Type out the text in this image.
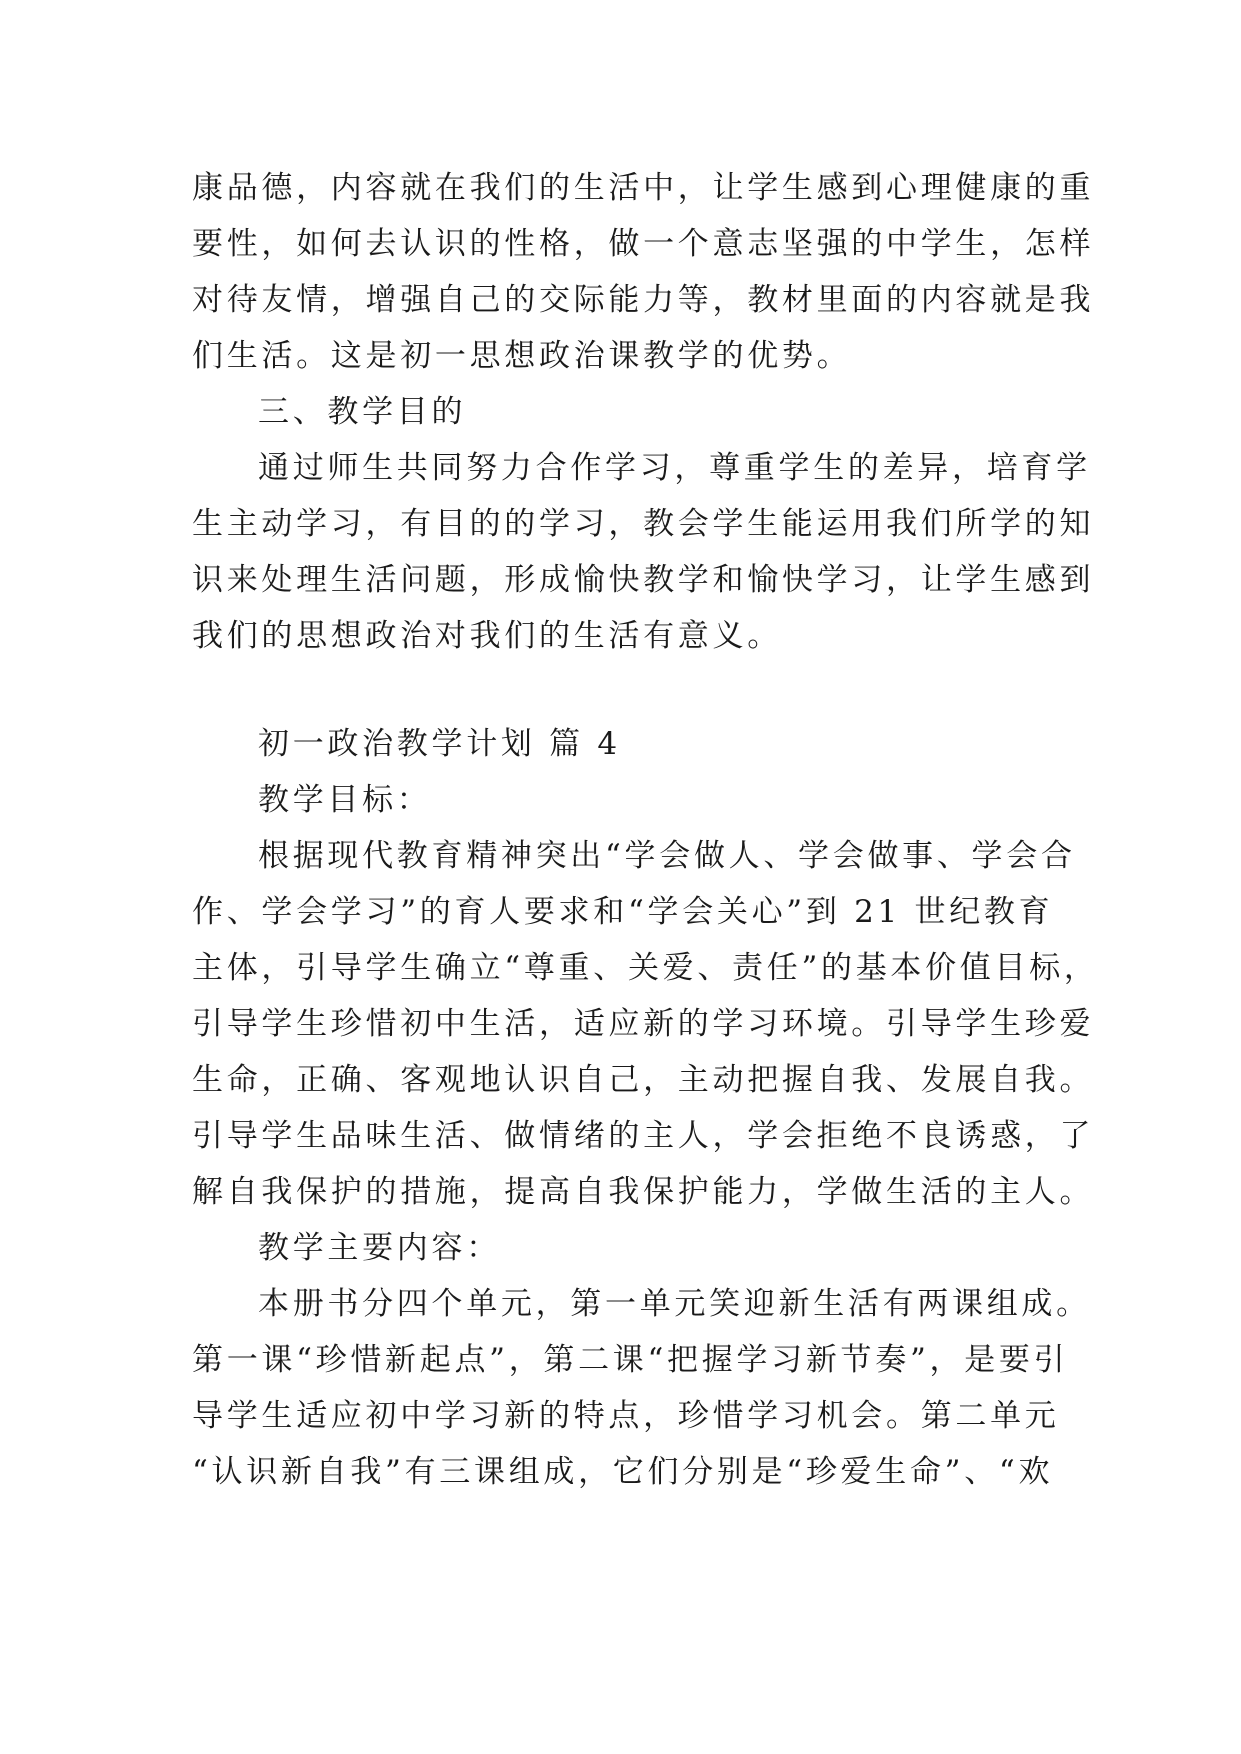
康品德，内容就在我们的生活中，让学生感到心理健康的重
要性，如何去认识的性格，做一个意志坚强的中学生，怎样
对待友情，增强自己的交际能力等，教材里面的内容就是我
们生活。这是初一思想政治课教学的优势。
三、教学目的
通过师生共同努力合作学习，尊重学生的差异，培育学
生主动学习，有目的的学习，教会学生能运用我们所学的知
识来处理生活问题，形成愉快教学和愉快学习，让学生感到
我们的思想政治对我们的生活有意义。
初一政治教学计划 篇 4
教学目标：
根据现代教育精神突出“学会做人、学会做事、学会合
作、学会学习”的育人要求和“学会关心”到 21 世纪教育
主体，引导学生确立“尊重、关爱、责任”的基本价值目标，
引导学生珍惜初中生活，适应新的学习环境。引导学生珍爱
生命，正确、客观地认识自己，主动把握自我、发展自我。
引导学生品味生活、做情绪的主人，学会拒绝不良诱惑，了
解自我保护的措施，提高自我保护能力，学做生活的主人。
教学主要内容：
本册书分四个单元，第一单元笑迎新生活有两课组成。
第一课“珍惜新起点”，第二课“把握学习新节奏”，是要引
导学生适应初中学习新的特点，珍惜学习机会。第二单元
“认识新自我”有三课组成，它们分别是“珍爱生命”、“欢
